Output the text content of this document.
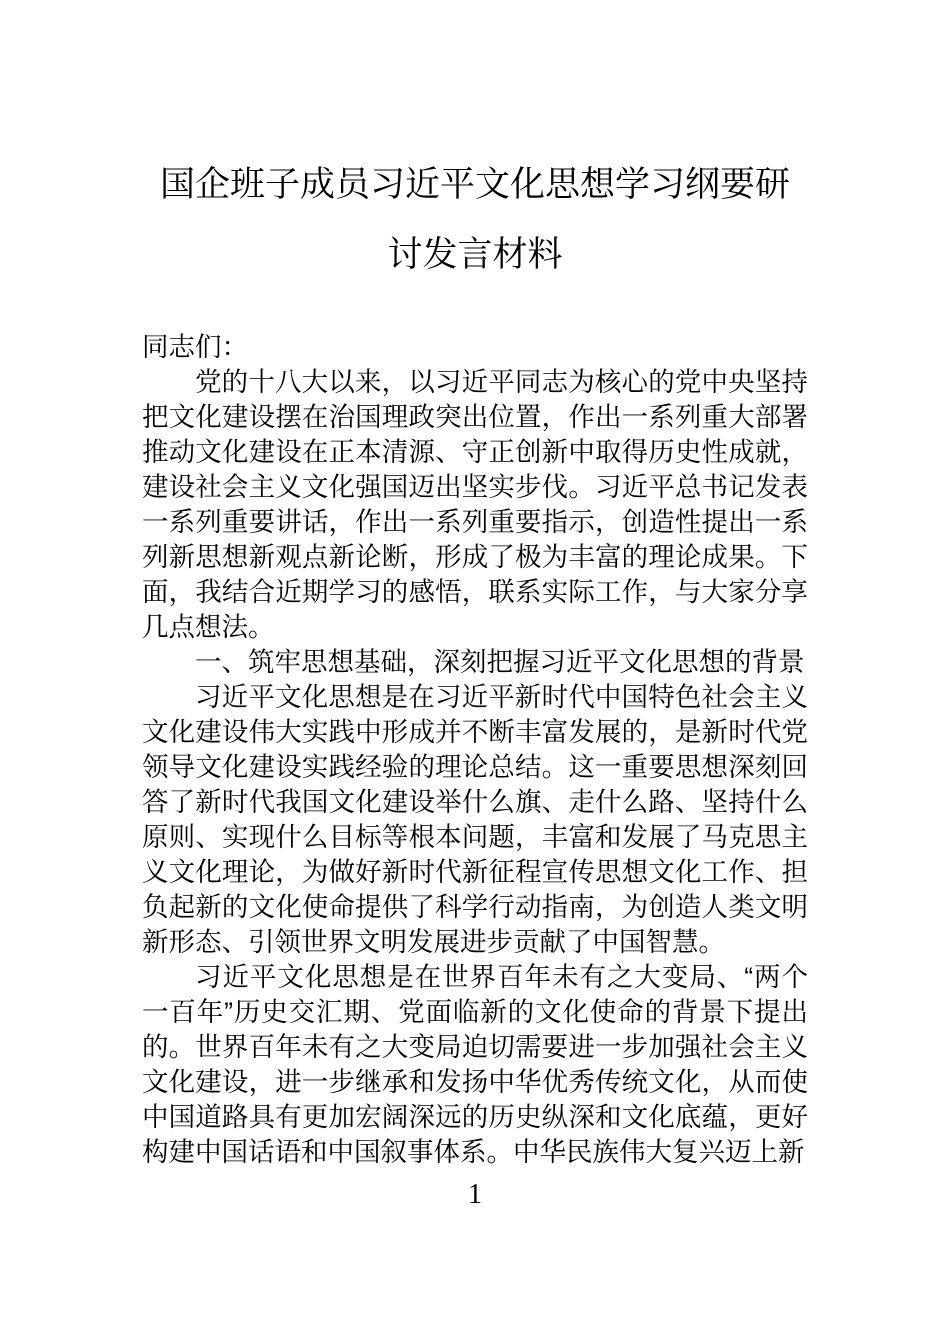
国企班子成员习近平文化思想学习纲要研讨发言材料

同志们：

党的十八大以来，以习近平同志为核心的党中央坚持把文化建设摆在治国理政突出位置，作出一系列重大部署推动文化建设在正本清源、守正创新中取得历史性成就，建设社会主义文化强国迈出坚实步伐。习近平总书记发表一系列重要讲话，作出一系列重要指示，创造性提出一系列新思想新观点新论断，形成了极为丰富的理论成果。下面，我结合近期学习的感悟，联系实际工作，与大家分享几点想法。

一、筑牢思想基础，深刻把握习近平文化思想的背景

习近平文化思想是在习近平新时代中国特色社会主义文化建设伟大实践中形成并不断丰富发展的，是新时代党领导文化建设实践经验的理论总结。这一重要思想深刻回答了新时代我国文化建设举什么旗、走什么路、坚持什么原则、实现什么目标等根本问题，丰富和发展了马克思主义文化理论，为做好新时代新征程宣传思想文化工作、担负起新的文化使命提供了科学行动指南，为创造人类文明新形态、引领世界文明发展进步贡献了中国智慧。

习近平文化思想是在世界百年未有之大变局、“两个一百年”历史交汇期、党面临新的文化使命的背景下提出的。世界百年未有之大变局迫切需要进一步加强社会主义文化建设，进一步继承和发扬中华优秀传统文化，从而使中国道路具有更加宏阔深远的历史纵深和文化底蕴，更好构建中国话语和中国叙事体系。中华民族伟大复兴迈上新

1
